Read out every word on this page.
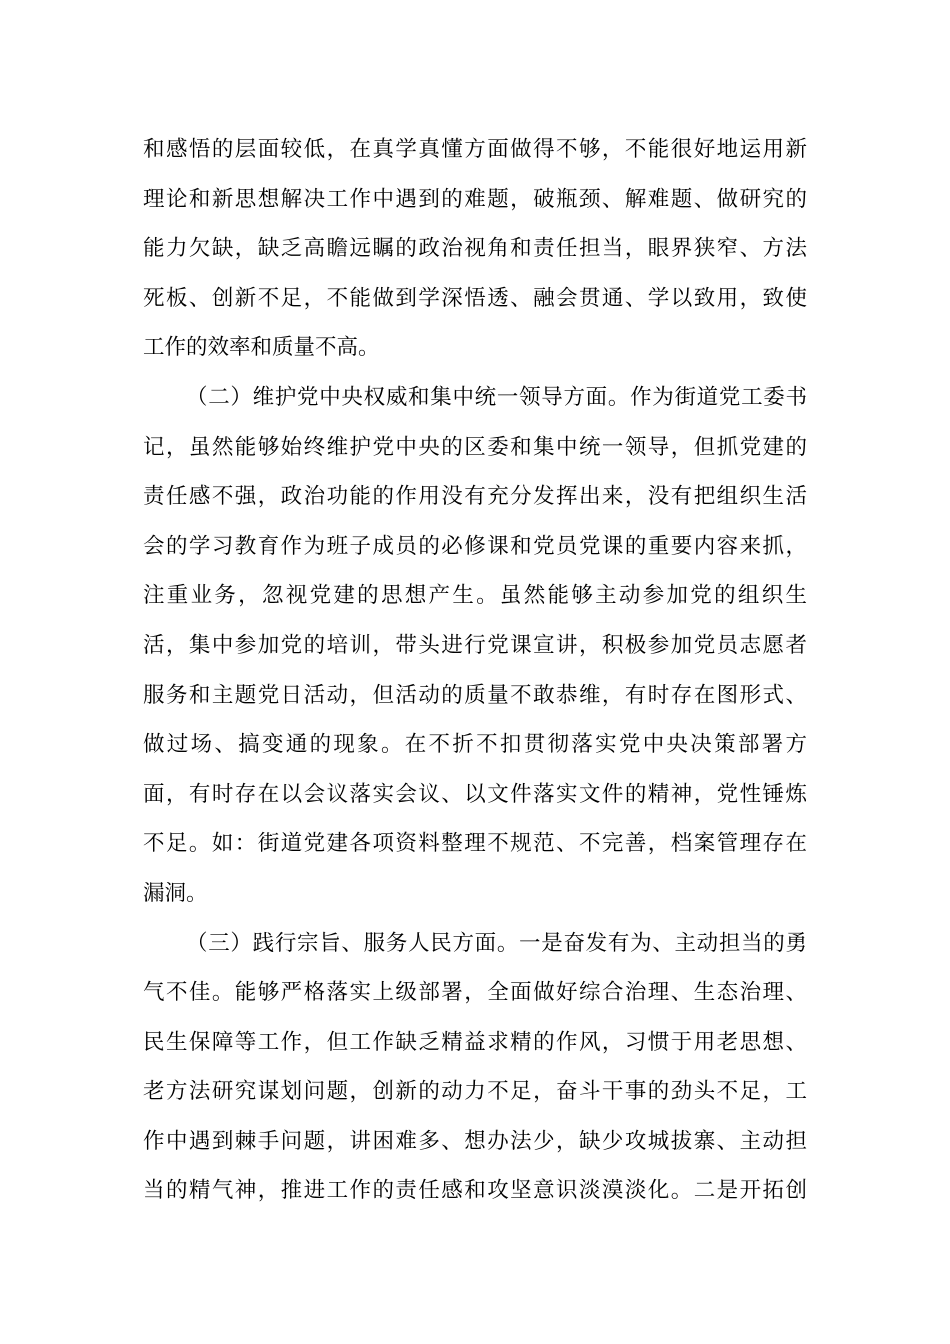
和感悟的层面较低，在真学真懂方面做得不够，不能很好地运用新
理论和新思想解决工作中遇到的难题，破瓶颈、解难题、做研究的
能力欠缺，缺乏高瞻远瞩的政治视角和责任担当，眼界狭窄、方法
死板、创新不足，不能做到学深悟透、融会贯通、学以致用，致使
工作的效率和质量不高。
（二）维护党中央权威和集中统一领导方面。作为街道党工委书
记，虽然能够始终维护党中央的区委和集中统一领导，但抓党建的
责任感不强，政治功能的作用没有充分发挥出来，没有把组织生活
会的学习教育作为班子成员的必修课和党员党课的重要内容来抓，
注重业务，忽视党建的思想产生。虽然能够主动参加党的组织生
活，集中参加党的培训，带头进行党课宣讲，积极参加党员志愿者
服务和主题党日活动，但活动的质量不敢恭维，有时存在图形式、
做过场、搞变通的现象。在不折不扣贯彻落实党中央决策部署方
面，有时存在以会议落实会议、以文件落实文件的精神，党性锤炼
不足。如：街道党建各项资料整理不规范、不完善，档案管理存在
漏洞。
（三）践行宗旨、服务人民方面。一是奋发有为、主动担当的勇
气不佳。能够严格落实上级部署，全面做好综合治理、生态治理、
民生保障等工作，但工作缺乏精益求精的作风，习惯于用老思想、
老方法研究谋划问题，创新的动力不足，奋斗干事的劲头不足，工
作中遇到棘手问题，讲困难多、想办法少，缺少攻城拔寨、主动担
当的精气神，推进工作的责任感和攻坚意识淡漠淡化。二是开拓创
